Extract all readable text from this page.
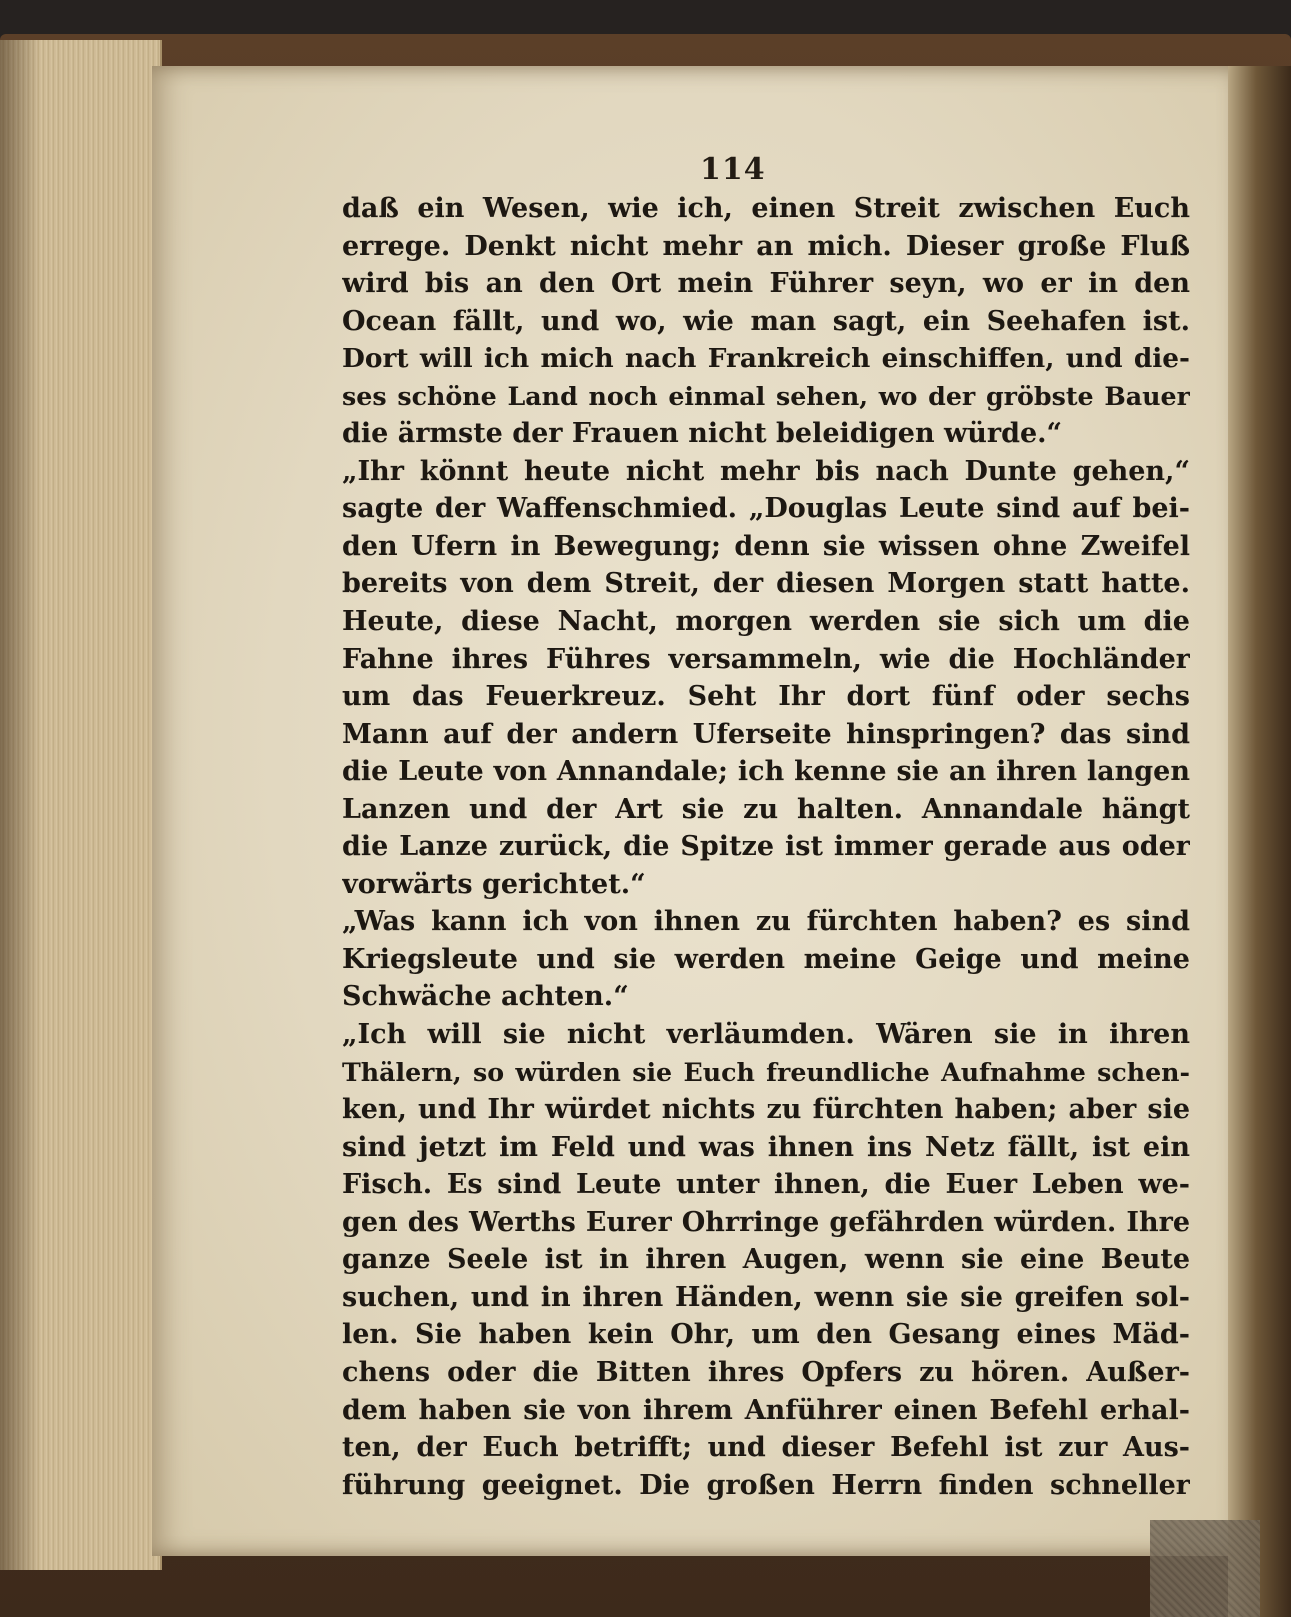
114
daß ein Wesen, wie ich, einen Streit zwischen Euch
errege. Denkt nicht mehr an mich. Dieser große Fluß
wird bis an den Ort mein Führer seyn, wo er in den
Ocean fällt, und wo, wie man sagt, ein Seehafen ist.
Dort will ich mich nach Frankreich einschiffen, und die-
ses schöne Land noch einmal sehen, wo der gröbste Bauer
die ärmste der Frauen nicht beleidigen würde.“
„Ihr könnt heute nicht mehr bis nach Dunte gehen,“
sagte der Waffenschmied. „Douglas Leute sind auf bei-
den Ufern in Bewegung; denn sie wissen ohne Zweifel
bereits von dem Streit, der diesen Morgen statt hatte.
Heute, diese Nacht, morgen werden sie sich um die
Fahne ihres Führes versammeln, wie die Hochländer
um das Feuerkreuz. Seht Ihr dort fünf oder sechs
Mann auf der andern Uferseite hinspringen? das sind
die Leute von Annandale; ich kenne sie an ihren langen
Lanzen und der Art sie zu halten. Annandale hängt
die Lanze zurück, die Spitze ist immer gerade aus oder
vorwärts gerichtet.“
„Was kann ich von ihnen zu fürchten haben? es sind
Kriegsleute und sie werden meine Geige und meine
Schwäche achten.“
„Ich will sie nicht verläumden. Wären sie in ihren
Thälern, so würden sie Euch freundliche Aufnahme schen-
ken, und Ihr würdet nichts zu fürchten haben; aber sie
sind jetzt im Feld und was ihnen ins Netz fällt, ist ein
Fisch. Es sind Leute unter ihnen, die Euer Leben we-
gen des Werths Eurer Ohrringe gefährden würden. Ihre
ganze Seele ist in ihren Augen, wenn sie eine Beute
suchen, und in ihren Händen, wenn sie sie greifen sol-
len. Sie haben kein Ohr, um den Gesang eines Mäd-
chens oder die Bitten ihres Opfers zu hören. Außer-
dem haben sie von ihrem Anführer einen Befehl erhal-
ten, der Euch betrifft; und dieser Befehl ist zur Aus-
führung geeignet. Die großen Herrn finden schneller
